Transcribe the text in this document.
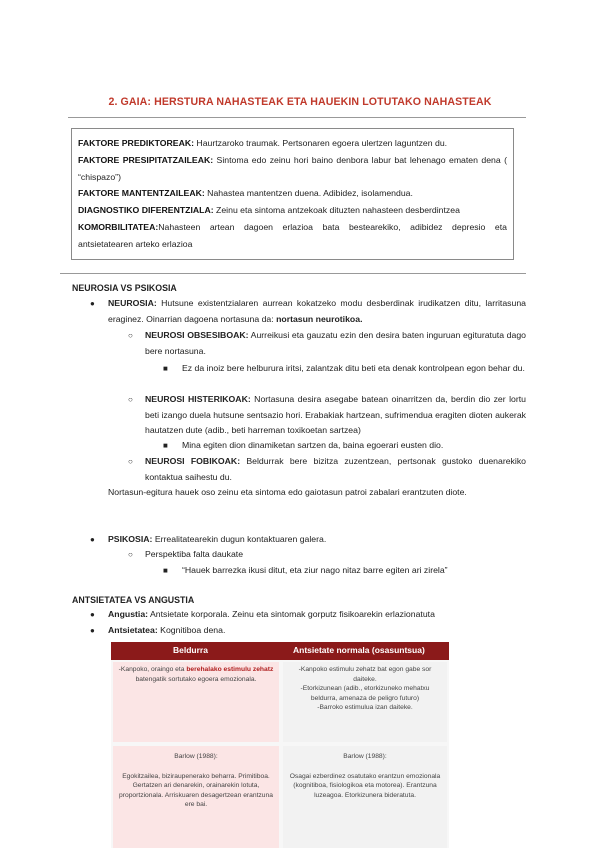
2. GAIA: HERSTURA NAHASTEAK ETA HAUEKIN LOTUTAKO NAHASTEAK

FAKTORE PREDIKTOREAK: Haurtzaroko traumak. Pertsonaren egoera ulertzen laguntzen du.

FAKTORE PRESIPITATZAILEAK: Sintoma edo zeinu hori baino denbora labur bat lehenago ematen dena ( “chispazo”)

FAKTORE MANTENTZAILEAK: Nahastea mantentzen duena. Adibidez, isolamendua.

DIAGNOSTIKO DIFERENTZIALA: Zeinu eta sintoma antzekoak dituzten nahasteen desberdintzea

KOMORBILITATEA:Nahasteen artean dagoen erlazioa bata bestearekiko, adibidez depresio eta antsietatearen arteko erlazioa

NEUROSIA VS PSIKOSIA
● NEUROSIA: Hutsune existentzialaren aurrean kokatzeko modu desberdinak irudikatzen ditu, larritasuna eraginez. Oinarrian dagoena nortasuna da: nortasun neurotikoa.
○ NEUROSI OBSESIBOAK: Aurreikusi eta gauzatu ezin den desira baten inguruan egituratuta dago bere nortasuna.
■ Ez da inoiz bere helburura iritsi, zalantzak ditu beti eta denak kontrolpean egon behar du.
○ NEUROSI HISTERIKOAK: Nortasuna desira asegabe batean oinarritzen da, berdin dio zer lortu beti izango duela hutsune sentsazio hori. Erabakiak hartzean, sufrimendua eragiten dioten aukerak hautatzen dute (adib., beti harreman toxikoetan sartzea)
■ Mina egiten dion dinamiketan sartzen da, baina egoerari eusten dio.
○ NEUROSI FOBIKOAK: Beldurrak bere bizitza zuzentzean, pertsonak gustoko duenarekiko kontaktua saihestu du.
Nortasun-egitura hauek oso zeinu eta sintoma edo gaiotasun patroi zabalari erantzuten diote.
● PSIKOSIA: Errealitatearekin dugun kontaktuaren galera.
○ Perspektiba falta daukate
■ “Hauek barrezka ikusi ditut, eta ziur nago nitaz barre egiten ari zirela”
ANTSIETATEA VS ANGUSTIA
● Angustia: Antsietate korporala. Zeinu eta sintomak gorputz fisikoarekin erlazionatuta
● Antsietatea: Kognitiboa dena.
Beldurra	Antsietate normala (osasuntsua)
-Kanpoko, oraingo eta berehalako estimulu zehatz batengatik sortutako egoera emozionala.
-Kanpoko estimulu zehatz bat egon gabe sor daiteke.
-Etorkizunean (adib., etorkizuneko mehatxu beldurra, amenaza de peligro futuro)
-Barroko estimulua izan daiteke.
Barlow (1988):
Egokitzailea, biziraupenerako beharra. Primitiboa. Gertatzen ari denarekin, orainarekin lotuta, proportzionala. Arriskuaren desagertzean erantzuna ere bai.
Barlow (1988):
Osagai ezberdinez osatutako erantzun emozionala (kognitiboa, fisiologikoa eta motorea). Erantzuna luzeagoa. Etorkizunera bideratuta.
